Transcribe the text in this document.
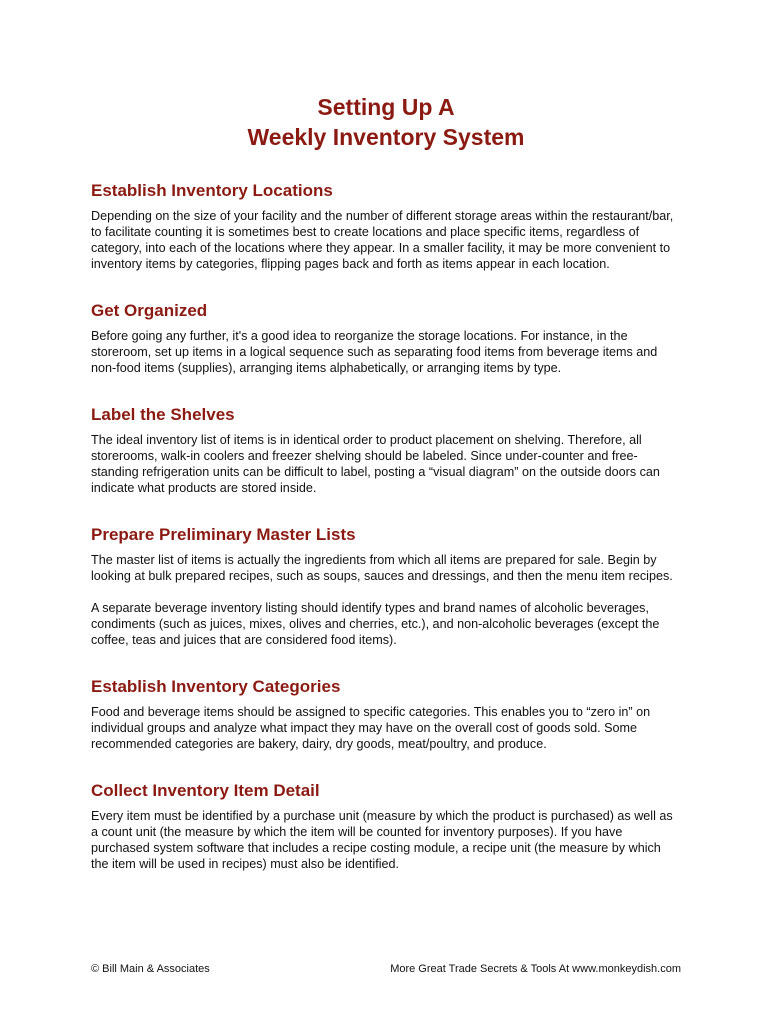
Setting Up A
Weekly Inventory System
Establish Inventory Locations

Depending on the size of your facility and the number of different storage areas within the restaurant/bar, to facilitate counting it is sometimes best to create locations and place specific items, regardless of category, into each of the locations where they appear. In a smaller facility, it may be more convenient to inventory items by categories, flipping pages back and forth as items appear in each location.

Get Organized

Before going any further, it's a good idea to reorganize the storage locations. For instance, in the storeroom, set up items in a logical sequence such as separating food items from beverage items and non-food items (supplies), arranging items alphabetically, or arranging items by type.

Label the Shelves

The ideal inventory list of items is in identical order to product placement on shelving. Therefore, all storerooms, walk-in coolers and freezer shelving should be labeled. Since under-counter and free-standing refrigeration units can be difficult to label, posting a “visual diagram” on the outside doors can indicate what products are stored inside.

Prepare Preliminary Master Lists

The master list of items is actually the ingredients from which all items are prepared for sale. Begin by looking at bulk prepared recipes, such as soups, sauces and dressings, and then the menu item recipes.

A separate beverage inventory listing should identify types and brand names of alcoholic beverages, condiments (such as juices, mixes, olives and cherries, etc.), and non-alcoholic beverages (except the coffee, teas and juices that are considered food items).

Establish Inventory Categories

Food and beverage items should be assigned to specific categories. This enables you to “zero in” on individual groups and analyze what impact they may have on the overall cost of goods sold. Some recommended categories are bakery, dairy, dry goods, meat/poultry, and produce.

Collect Inventory Item Detail

Every item must be identified by a purchase unit (measure by which the product is purchased) as well as a count unit (the measure by which the item will be counted for inventory purposes). If you have purchased system software that includes a recipe costing module, a recipe unit (the measure by which the item will be used in recipes) must also be identified.

© Bill Main & Associates	More Great Trade Secrets & Tools At www.monkeydish.com
